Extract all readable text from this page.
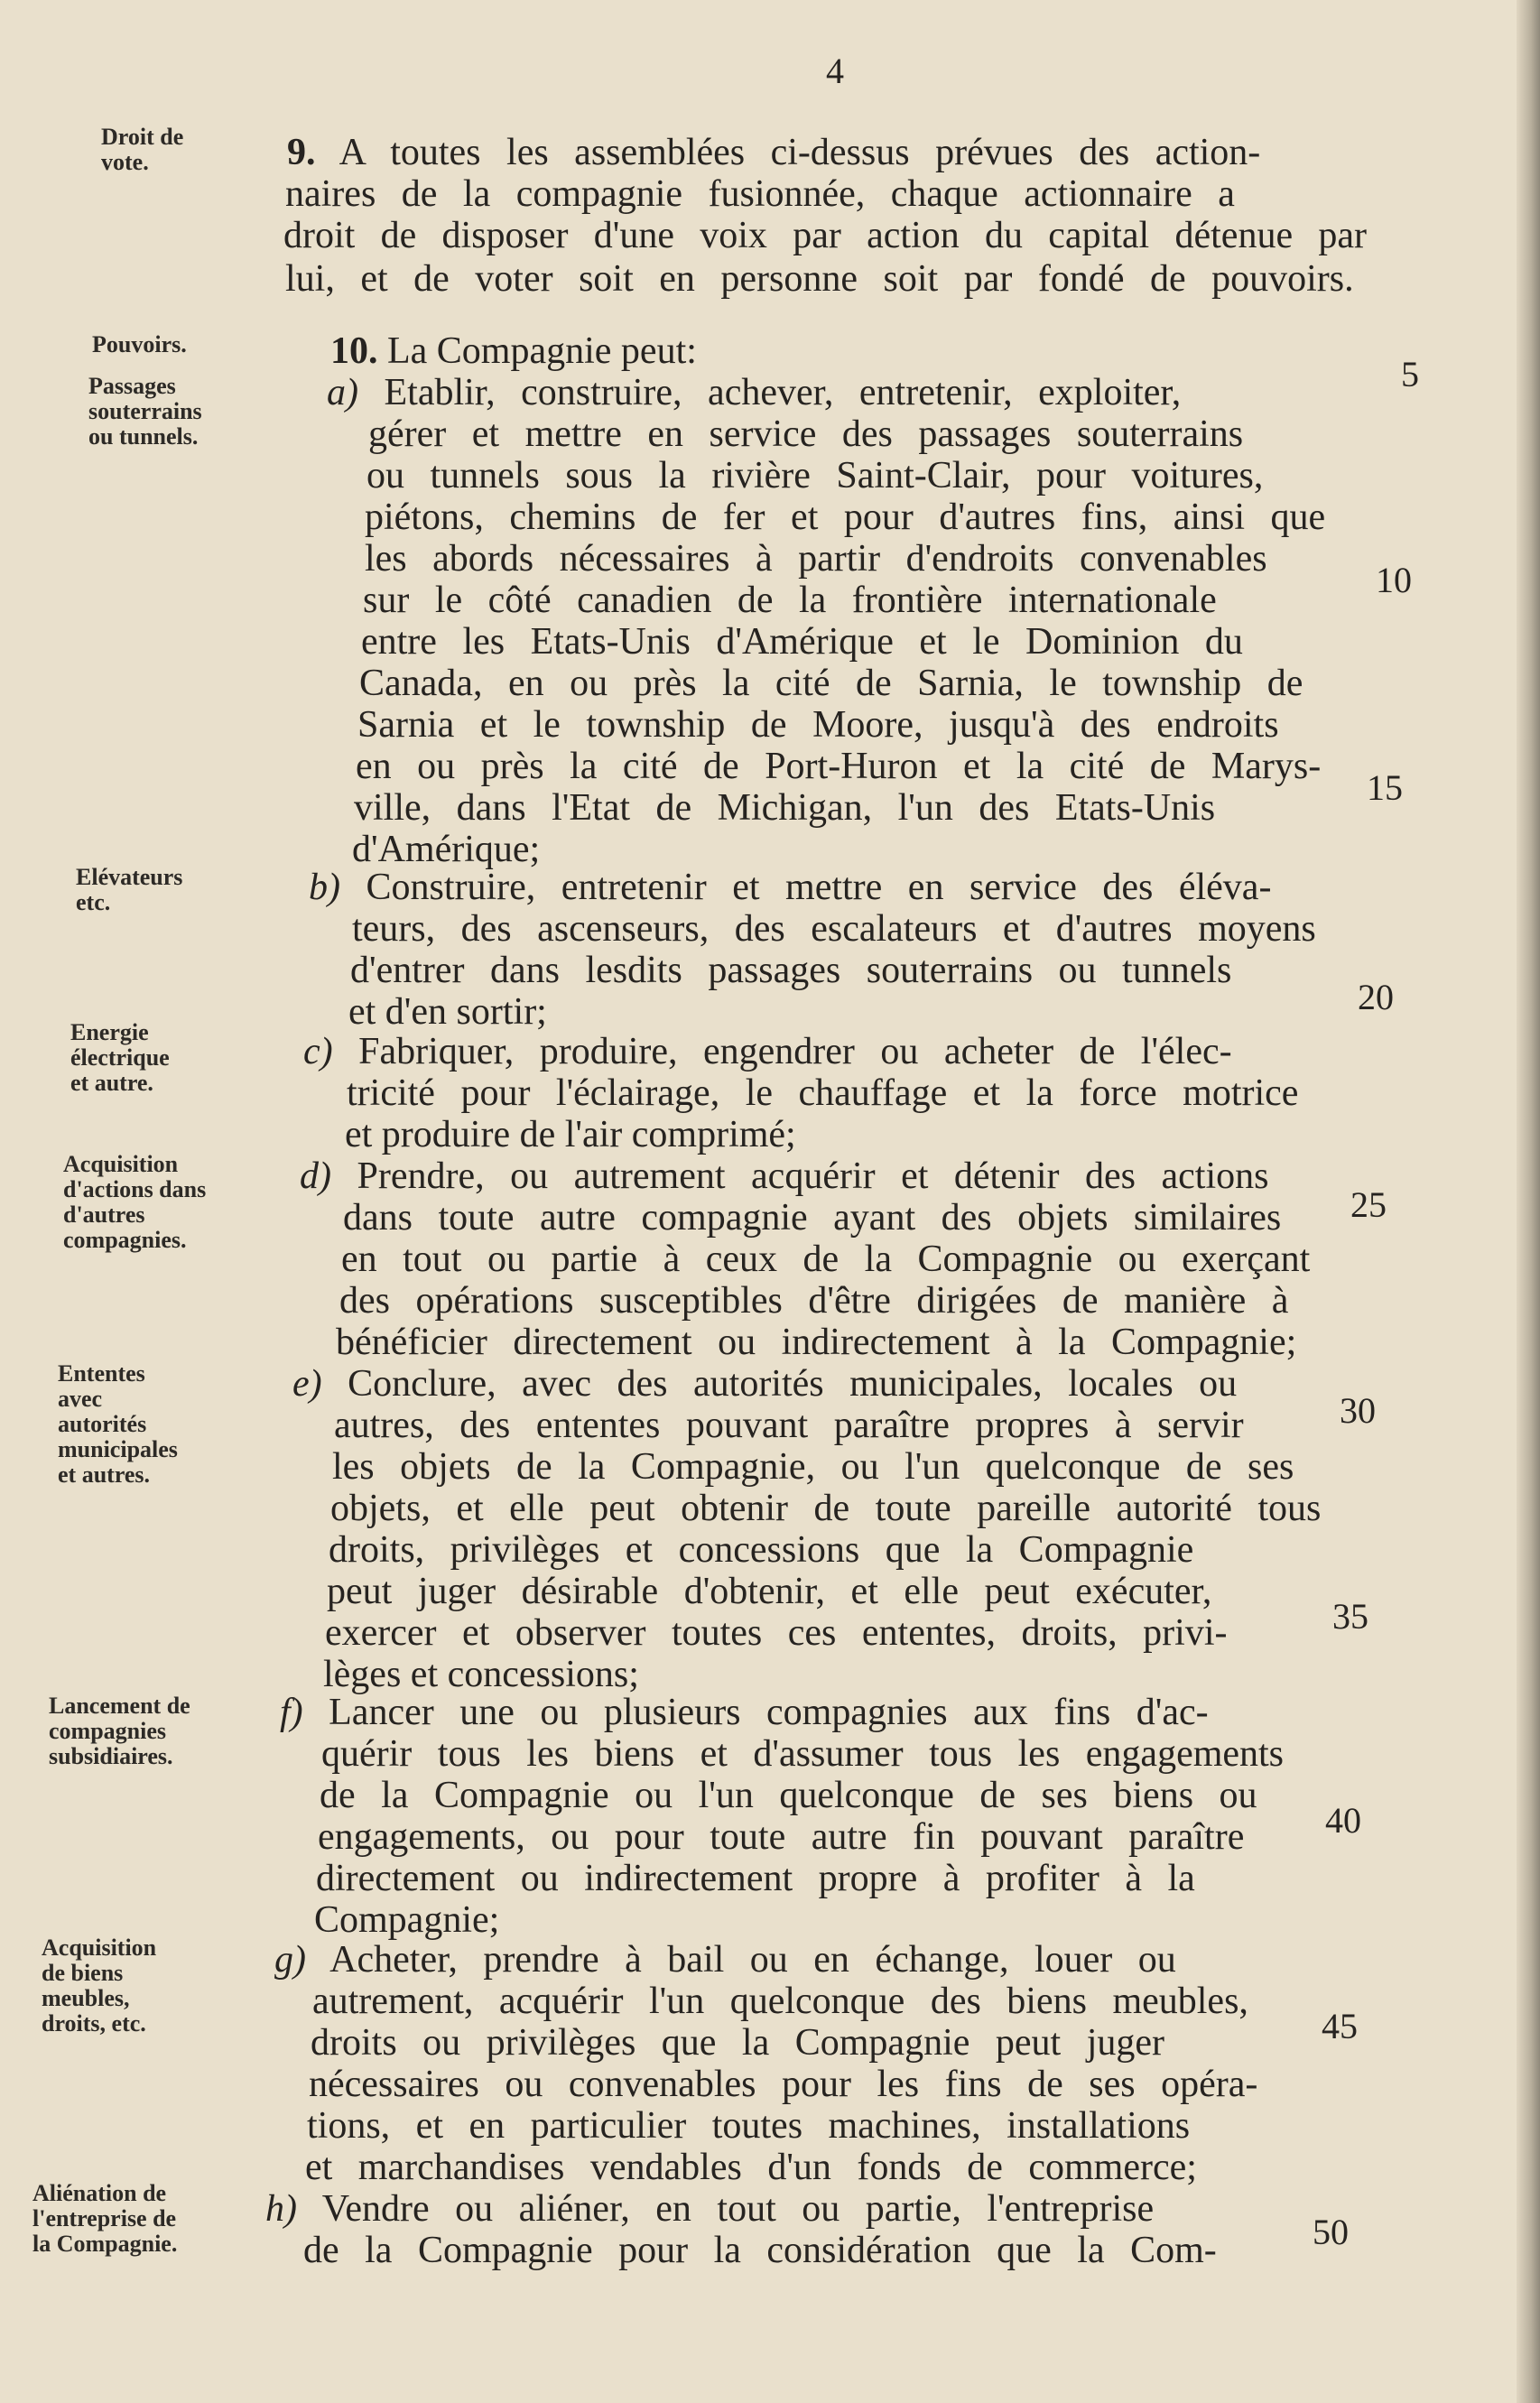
4
Droit de
vote.
Pouvoirs.
Passages
souterrains
ou tunnels.
Elévateurs
etc.
Energie
électrique
et autre.
Acquisition
d'actions dans
d'autres
compagnies.
Ententes
avec
autorités
municipales
et autres.
Lancement de
compagnies
subsidiaires.
Acquisition
de biens
meubles,
droits, etc.
Aliénation de
l'entreprise de
la Compagnie.
9. A toutes les assemblées ci-dessus prévues des action-
naires de la compagnie fusionnée, chaque actionnaire a
droit de disposer d'une voix par action du capital détenue par
lui, et de voter soit en personne soit par fondé de pouvoirs.
10. La Compagnie peut:
a) Etablir, construire, achever, entretenir, exploiter,
gérer et mettre en service des passages souterrains
ou tunnels sous la rivière Saint-Clair, pour voitures,
piétons, chemins de fer et pour d'autres fins, ainsi que
les abords nécessaires à partir d'endroits convenables
sur le côté canadien de la frontière internationale
entre les Etats-Unis d'Amérique et le Dominion du
Canada, en ou près la cité de Sarnia, le township de
Sarnia et le township de Moore, jusqu'à des endroits
en ou près la cité de Port-Huron et la cité de Marys-
ville, dans l'Etat de Michigan, l'un des Etats-Unis
d'Amérique;
b) Construire, entretenir et mettre en service des éléva-
teurs, des ascenseurs, des escalateurs et d'autres moyens
d'entrer dans lesdits passages souterrains ou tunnels
et d'en sortir;
c) Fabriquer, produire, engendrer ou acheter de l'élec-
tricité pour l'éclairage, le chauffage et la force motrice
et produire de l'air comprimé;
d) Prendre, ou autrement acquérir et détenir des actions
dans toute autre compagnie ayant des objets similaires
en tout ou partie à ceux de la Compagnie ou exerçant
des opérations susceptibles d'être dirigées de manière à
bénéficier directement ou indirectement à la Compagnie;
e) Conclure, avec des autorités municipales, locales ou
autres, des ententes pouvant paraître propres à servir
les objets de la Compagnie, ou l'un quelconque de ses
objets, et elle peut obtenir de toute pareille autorité tous
droits, privilèges et concessions que la Compagnie
peut juger désirable d'obtenir, et elle peut exécuter,
exercer et observer toutes ces ententes, droits, privi-
lèges et concessions;
f) Lancer une ou plusieurs compagnies aux fins d'ac-
quérir tous les biens et d'assumer tous les engagements
de la Compagnie ou l'un quelconque de ses biens ou
engagements, ou pour toute autre fin pouvant paraître
directement ou indirectement propre à profiter à la
Compagnie;
g) Acheter, prendre à bail ou en échange, louer ou
autrement, acquérir l'un quelconque des biens meubles,
droits ou privilèges que la Compagnie peut juger
nécessaires ou convenables pour les fins de ses opéra-
tions, et en particulier toutes machines, installations
et marchandises vendables d'un fonds de commerce;
h) Vendre ou aliéner, en tout ou partie, l'entreprise
de la Compagnie pour la considération que la Com-
5
10
15
20
25
30
35
40
45
50
